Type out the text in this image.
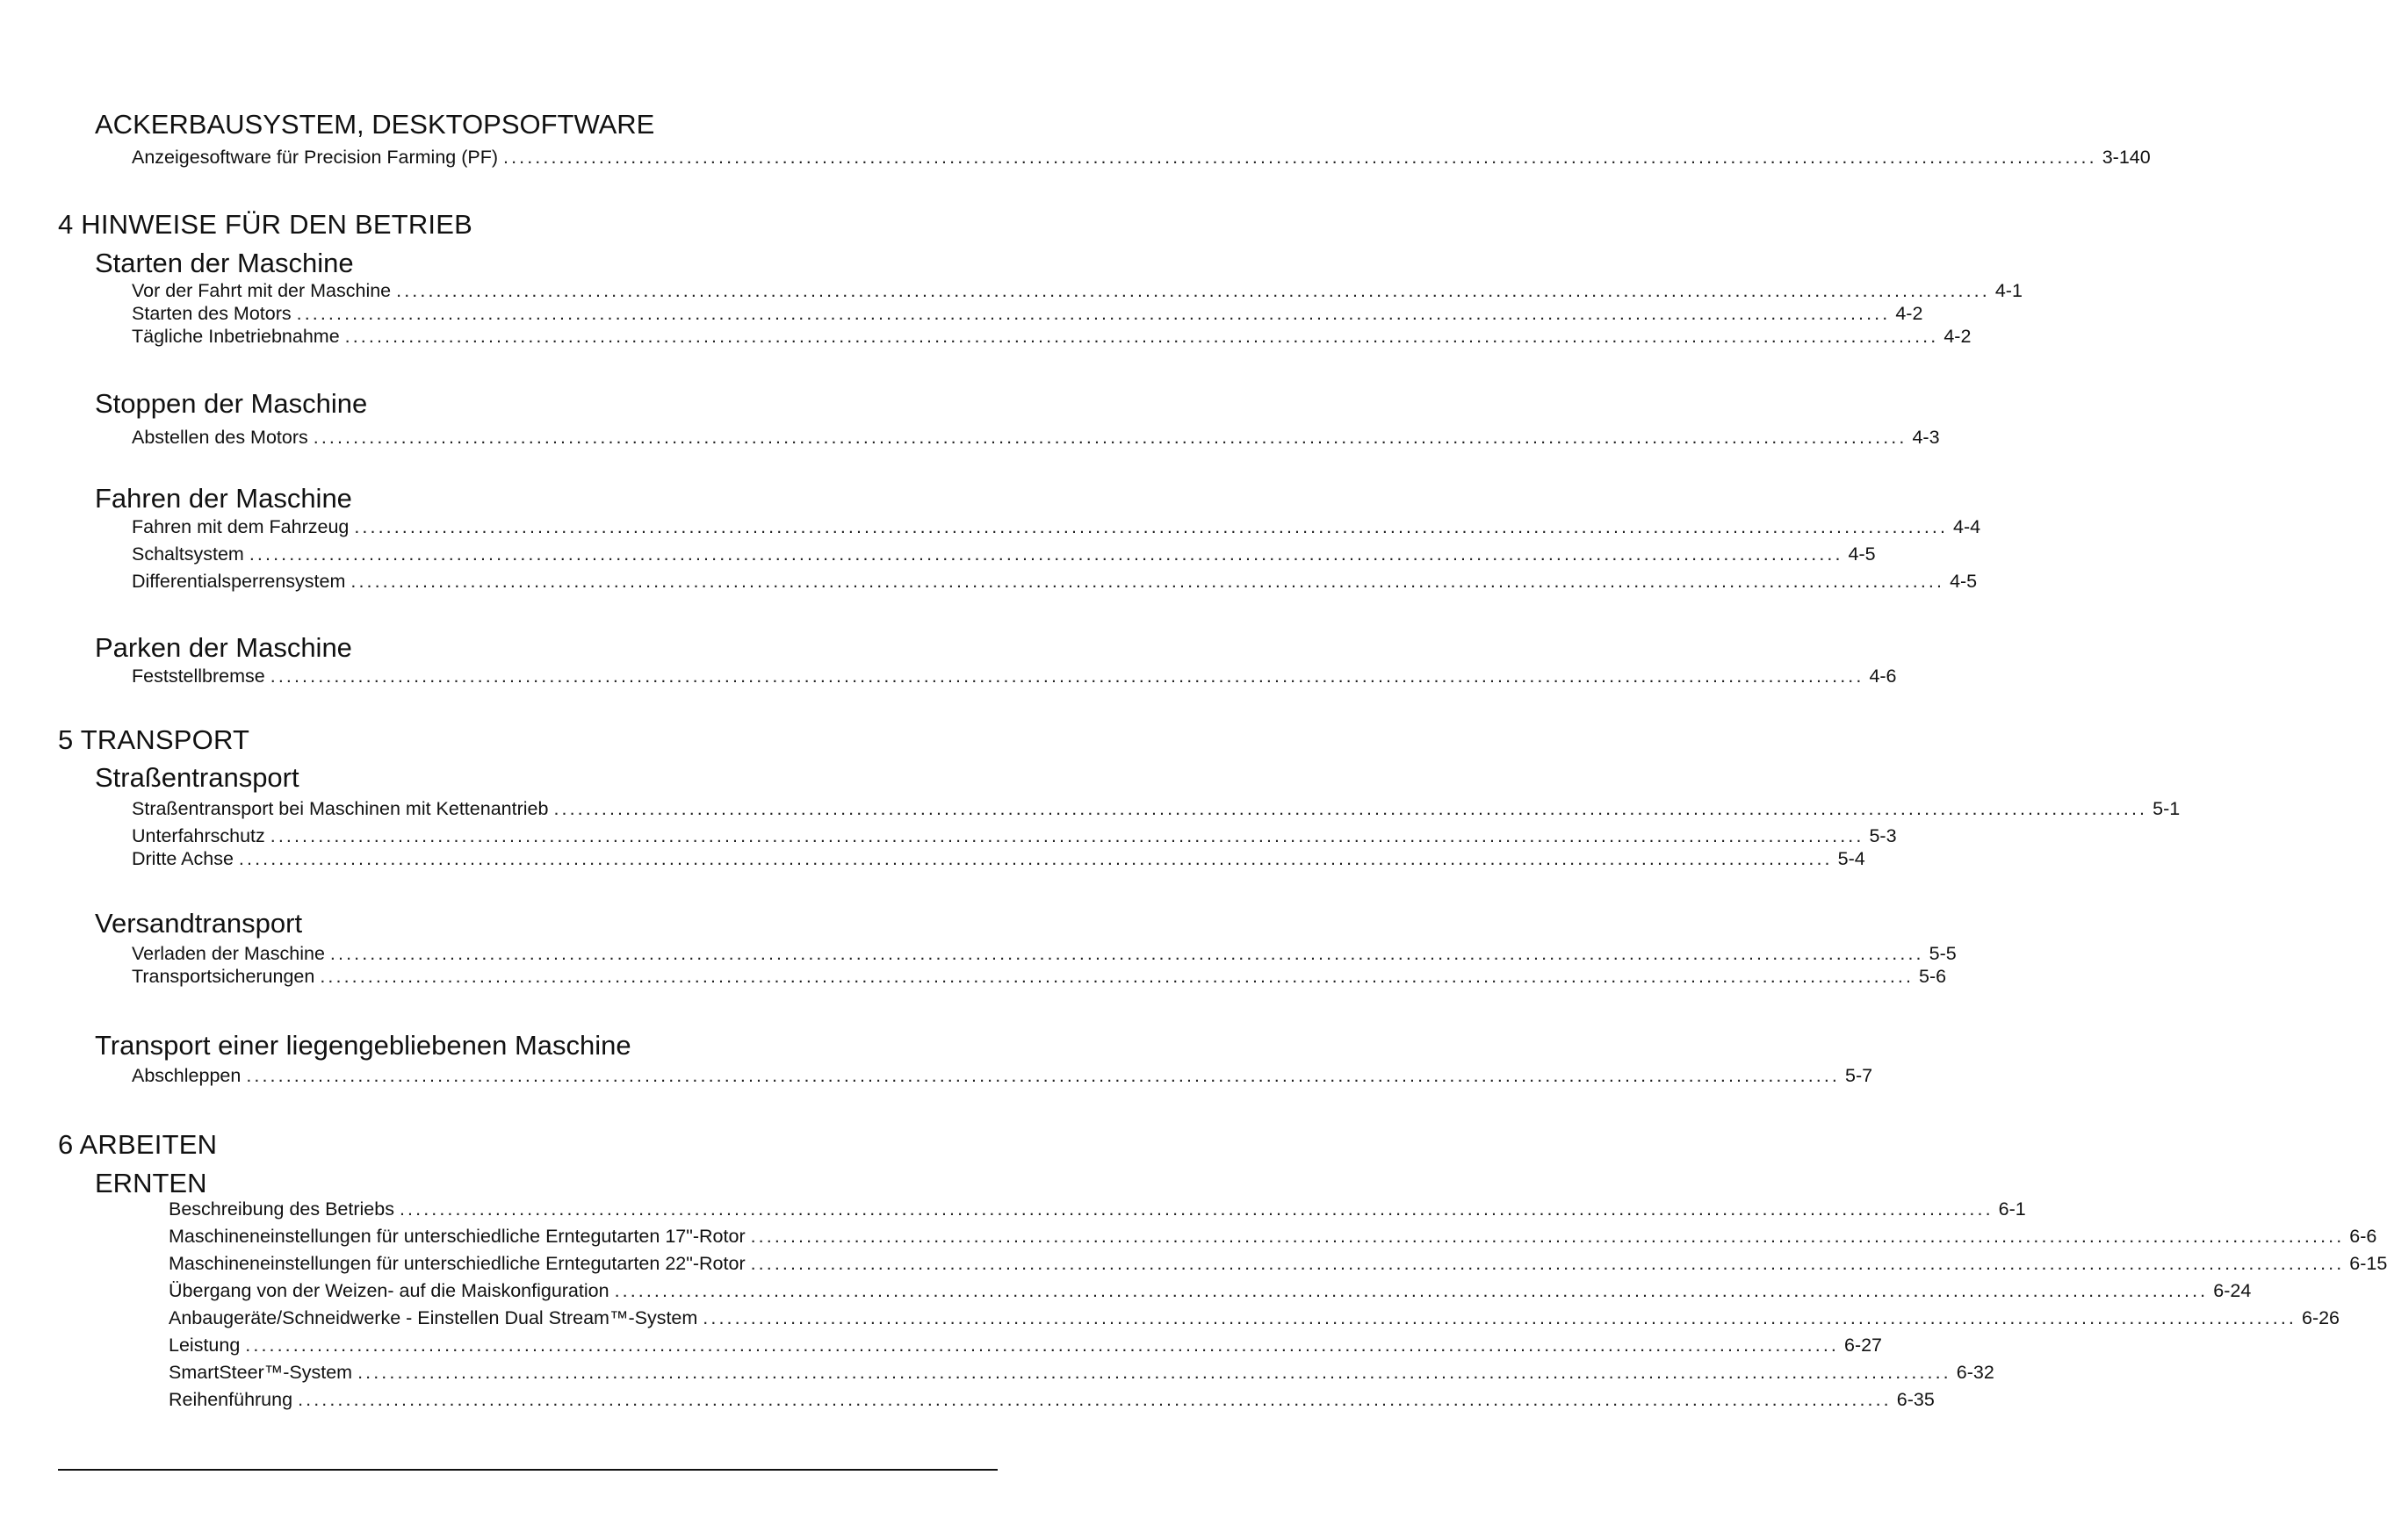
ACKERBAUSYSTEM, DESKTOPSOFTWARE
Anzeigesoftware für Precision Farming (PF) ........................................................................................................................................................................................................ 3-140
4 HINWEISE FÜR DEN BETRIEB
Starten der Maschine
Vor der Fahrt mit der Maschine ........................................................................................................................................................................................................ 4-1
Starten des Motors ........................................................................................................................................................................................................ 4-2
Tägliche Inbetriebnahme ........................................................................................................................................................................................................ 4-2
Stoppen der Maschine
Abstellen des Motors ........................................................................................................................................................................................................ 4-3
Fahren der Maschine
Fahren mit dem Fahrzeug ........................................................................................................................................................................................................ 4-4
Schaltsystem ........................................................................................................................................................................................................ 4-5
Differentialsperrensystem ........................................................................................................................................................................................................ 4-5
Parken der Maschine
Feststellbremse ........................................................................................................................................................................................................ 4-6
5 TRANSPORT
Straßentransport
Straßentransport bei Maschinen mit Kettenantrieb ........................................................................................................................................................................................................ 5-1
Unterfahrschutz ........................................................................................................................................................................................................ 5-3
Dritte Achse ........................................................................................................................................................................................................ 5-4
Versandtransport
Verladen der Maschine ........................................................................................................................................................................................................ 5-5
Transportsicherungen ........................................................................................................................................................................................................ 5-6
Transport einer liegengebliebenen Maschine
Abschleppen ........................................................................................................................................................................................................ 5-7
6 ARBEITEN
ERNTEN
Beschreibung des Betriebs ........................................................................................................................................................................................................ 6-1
Maschineneinstellungen für unterschiedliche Erntegutarten 17"-Rotor ........................................................................................................................................................................................................ 6-6
Maschineneinstellungen für unterschiedliche Erntegutarten 22"-Rotor ........................................................................................................................................................................................................ 6-15
Übergang von der Weizen- auf die Maiskonfiguration ........................................................................................................................................................................................................ 6-24
Anbaugeräte/Schneidwerke - Einstellen Dual Stream™-System ........................................................................................................................................................................................................ 6-26
Leistung ........................................................................................................................................................................................................ 6-27
SmartSteer™-System ........................................................................................................................................................................................................ 6-32
Reihenführung ........................................................................................................................................................................................................ 6-35
